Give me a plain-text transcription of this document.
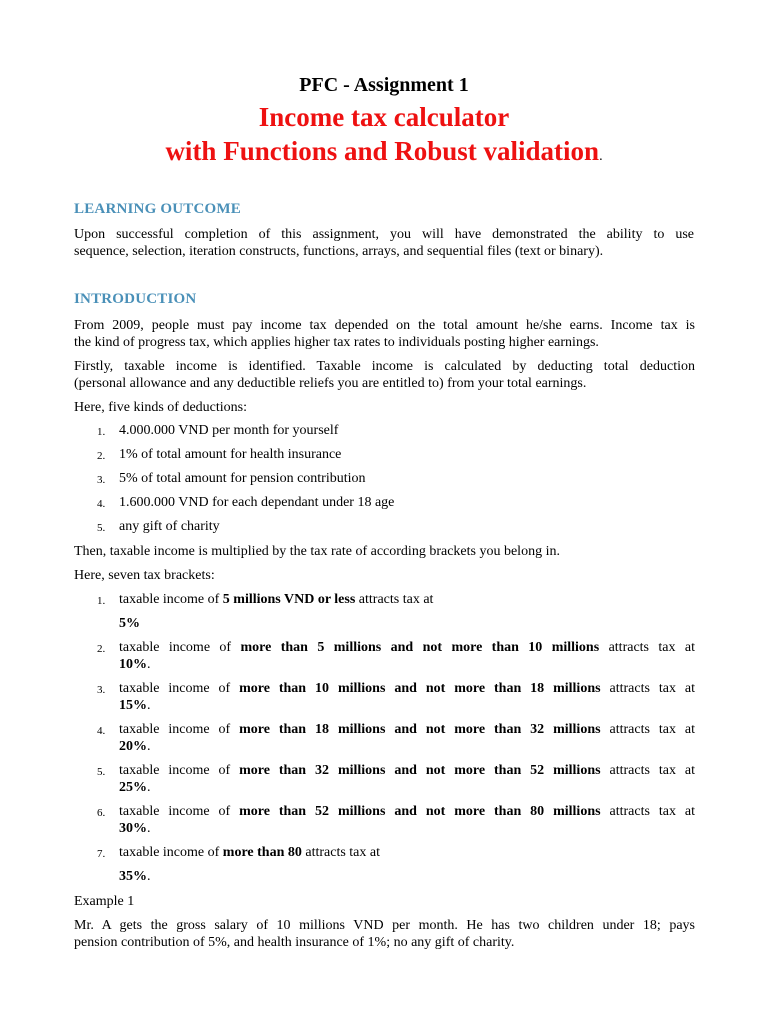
PFC - Assignment 1
Income tax calculator
with Functions and Robust validation.
LEARNING OUTCOME
Upon successful completion of this assignment, you will have demonstrated the ability to use
sequence, selection, iteration constructs, functions, arrays, and sequential files (text or binary).
INTRODUCTION
From 2009, people must pay income tax depended on the total amount he/she earns. Income tax is
the kind of progress tax, which applies higher tax rates to individuals posting higher earnings.
Firstly, taxable income is identified. Taxable income is calculated by deducting total deduction
(personal allowance and any deductible reliefs you are entitled to) from your total earnings.
Here, five kinds of deductions:
1. 4.000.000 VND per month for yourself
2. 1% of total amount for health insurance
3. 5% of total amount for pension contribution
4. 1.600.000 VND for each dependant under 18 age
5. any gift of charity
Then, taxable income is multiplied by the tax rate of according brackets you belong in.
Here, seven tax brackets:
1. taxable income of 5 millions VND or less attracts tax at
5%
2. taxable income of more than 5 millions and not more than 10 millions attracts tax at
10%.
3. taxable income of more than 10 millions and not more than 18 millions attracts tax at
15%.
4. taxable income of more than 18 millions and not more than 32 millions attracts tax at
20%.
5. taxable income of more than 32 millions and not more than 52 millions attracts tax at
25%.
6. taxable income of more than 52 millions and not more than 80 millions attracts tax at
30%.
7. taxable income of more than 80 attracts tax at
35%.
Example 1
Mr. A gets the gross salary of 10 millions VND per month. He has two children under 18; pays
pension contribution of 5%, and health insurance of 1%; no any gift of charity.
